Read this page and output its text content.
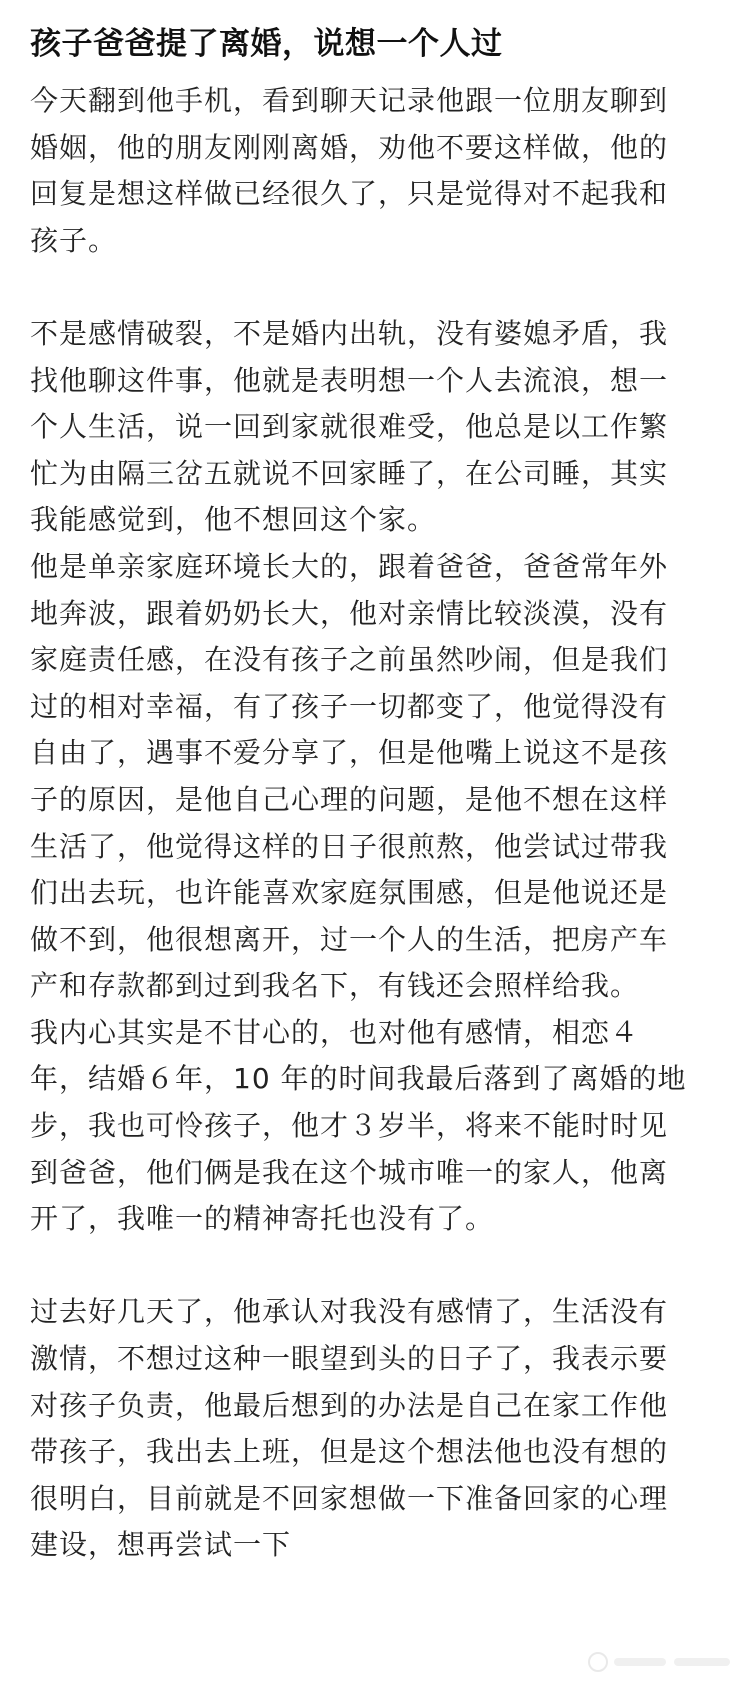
孩子爸爸提了离婚，说想一个人过
今天翻到他手机，看到聊天记录他跟一位朋友聊到
婚姻，他的朋友刚刚离婚，劝他不要这样做，他的
回复是想这样做已经很久了，只是觉得对不起我和
孩子。
不是感情破裂，不是婚内出轨，没有婆媳矛盾，我
找他聊这件事，他就是表明想一个人去流浪，想一
个人生活，说一回到家就很难受，他总是以工作繁
忙为由隔三岔五就说不回家睡了，在公司睡，其实
我能感觉到，他不想回这个家。
他是单亲家庭环境长大的，跟着爸爸，爸爸常年外
地奔波，跟着奶奶长大，他对亲情比较淡漠，没有
家庭责任感，在没有孩子之前虽然吵闹，但是我们
过的相对幸福，有了孩子一切都变了，他觉得没有
自由了，遇事不爱分享了，但是他嘴上说这不是孩
子的原因，是他自己心理的问题，是他不想在这样
生活了，他觉得这样的日子很煎熬，他尝试过带我
们出去玩，也许能喜欢家庭氛围感，但是他说还是
做不到，他很想离开，过一个人的生活，把房产车
产和存款都到过到我名下，有钱还会照样给我。
我内心其实是不甘心的，也对他有感情，相恋４
年，结婚６年，10 年的时间我最后落到了离婚的地
步，我也可怜孩子，他才３岁半，将来不能时时见
到爸爸，他们俩是我在这个城市唯一的家人，他离
开了，我唯一的精神寄托也没有了。
过去好几天了，他承认对我没有感情了，生活没有
激情，不想过这种一眼望到头的日子了，我表示要
对孩子负责，他最后想到的办法是自己在家工作他
带孩子，我出去上班，但是这个想法他也没有想的
很明白，目前就是不回家想做一下准备回家的心理
建设，想再尝试一下
